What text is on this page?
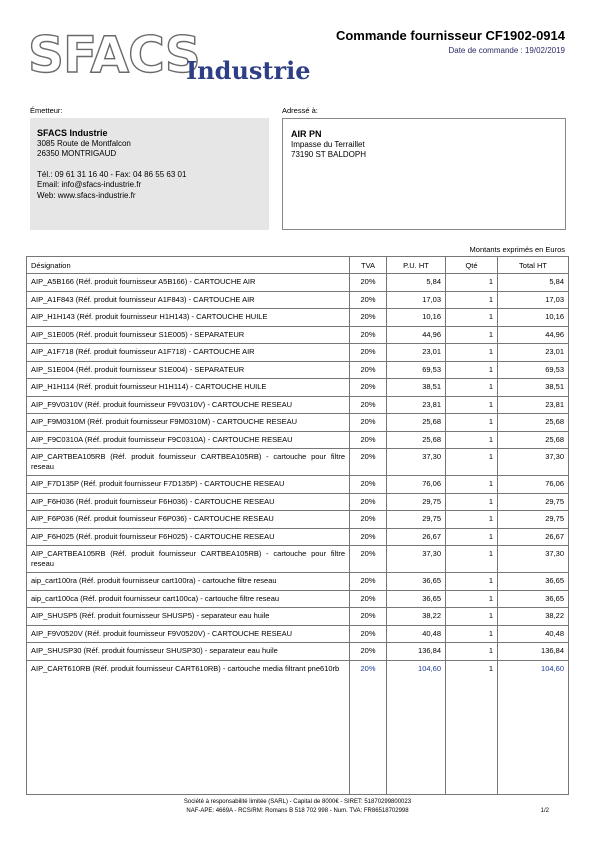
SFACS
Industrie
Commande fournisseur CF1902-0914
Date de commande : 19/02/2019
Émetteur:	Adressé à:
SFACS Industrie
3085 Route de Montfalcon
26350 MONTRIGAUD
Tél.: 09 61 31 16 40 - Fax: 04 86 55 63 01
Email: info@sfacs-industrie.fr
Web: www.sfacs-industrie.fr
AIR PN
Impasse du Terraillet
73190 ST BALDOPH
Montants exprimés en Euros
Désignation	TVA	P.U. HT	Qté	Total HT
AIP_A5B166 (Réf. produit fournisseur A5B166) - CARTOUCHE AIR	20%	5,84	1	5,84
AIP_A1F843 (Réf. produit fournisseur A1F843) - CARTOUCHE AIR	20%	17,03	1	17,03
AIP_H1H143 (Réf. produit fournisseur H1H143) - CARTOUCHE HUILE	20%	10,16	1	10,16
AIP_S1E005 (Réf. produit fournisseur S1E005) - SEPARATEUR	20%	44,96	1	44,96
AIP_A1F718 (Réf. produit fournisseur A1F718) - CARTOUCHE AIR	20%	23,01	1	23,01
AIP_S1E004 (Réf. produit fournisseur S1E004) - SEPARATEUR	20%	69,53	1	69,53
AIP_H1H114 (Réf. produit fournisseur H1H114) - CARTOUCHE HUILE	20%	38,51	1	38,51
AIP_F9V0310V (Réf. produit fournisseur F9V0310V) - CARTOUCHE RESEAU	20%	23,81	1	23,81
AIP_F9M0310M (Réf. produit fournisseur F9M0310M) - CARTOUCHE RESEAU	20%	25,68	1	25,68
AIP_F9C0310A (Réf. produit fournisseur F9C0310A) - CARTOUCHE RESEAU	20%	25,68	1	25,68
AIP_CARTBEA105RB (Réf. produit fournisseur CARTBEA105RB) - cartouche pour filtre reseau	20%	37,30	1	37,30
AIP_F7D135P (Réf. produit fournisseur F7D135P) - CARTOUCHE RESEAU	20%	76,06	1	76,06
AIP_F6H036 (Réf. produit fournisseur F6H036) - CARTOUCHE RESEAU	20%	29,75	1	29,75
AIP_F6P036 (Réf. produit fournisseur F6P036) - CARTOUCHE RESEAU	20%	29,75	1	29,75
AIP_F6H025 (Réf. produit fournisseur F6H025) - CARTOUCHE RESEAU	20%	26,67	1	26,67
AIP_CARTBEA105RB (Réf. produit fournisseur CARTBEA105RB) - cartouche pour filtre reseau	20%	37,30	1	37,30
aip_cart100ra (Réf. produit fournisseur cart100ra) - cartouche filtre reseau	20%	36,65	1	36,65
aip_cart100ca (Réf. produit fournisseur cart100ca) - cartouche filtre reseau	20%	36,65	1	36,65
AIP_SHUSP5 (Réf. produit fournisseur SHUSP5) - separateur eau huile	20%	38,22	1	38,22
AIP_F9V0520V (Réf. produit fournisseur F9V0520V) - CARTOUCHE RESEAU	20%	40,48	1	40,48
AIP_SHUSP30 (Réf. produit fournisseur SHUSP30) - separateur eau huile	20%	136,84	1	136,84
AIP_CART610RB (Réf. produit fournisseur CART610RB) - cartouche media filtrant pne610rb	20%	104,60	1	104,60
Société à responsabilité limitée (SARL) - Capital de 8000€ - SIRET: 51870299800023
NAF-APE: 4669A - RCS/RM: Romans B 518 702 998 - Num. TVA: FR86518702998	1/2
